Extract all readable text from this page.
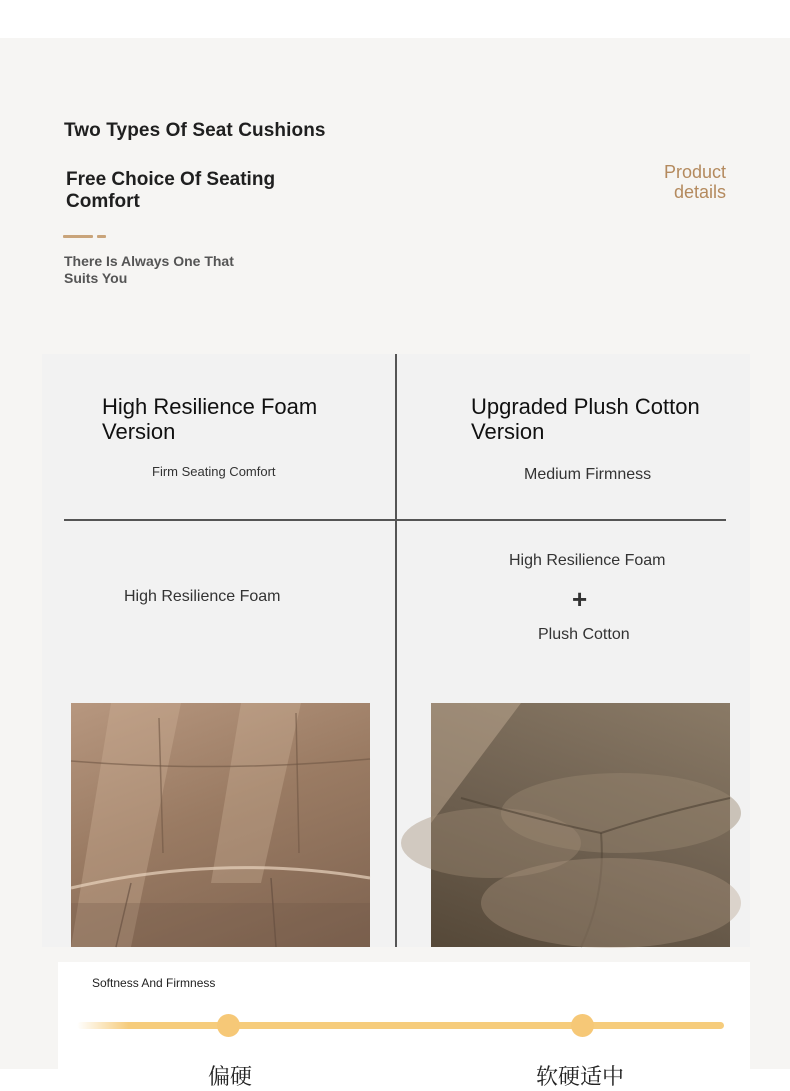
Two Types Of Seat Cushions
Free Choice Of Seating Comfort
There Is Always One That Suits You
Product
details
High Resilience Foam Version
Upgraded Plush Cotton Version
Firm Seating Comfort	Medium Firmness
High Resilience Foam
High Resilience Foam
+
Plush Cotton
Softness And Firmness
偏硬	软硬适中
